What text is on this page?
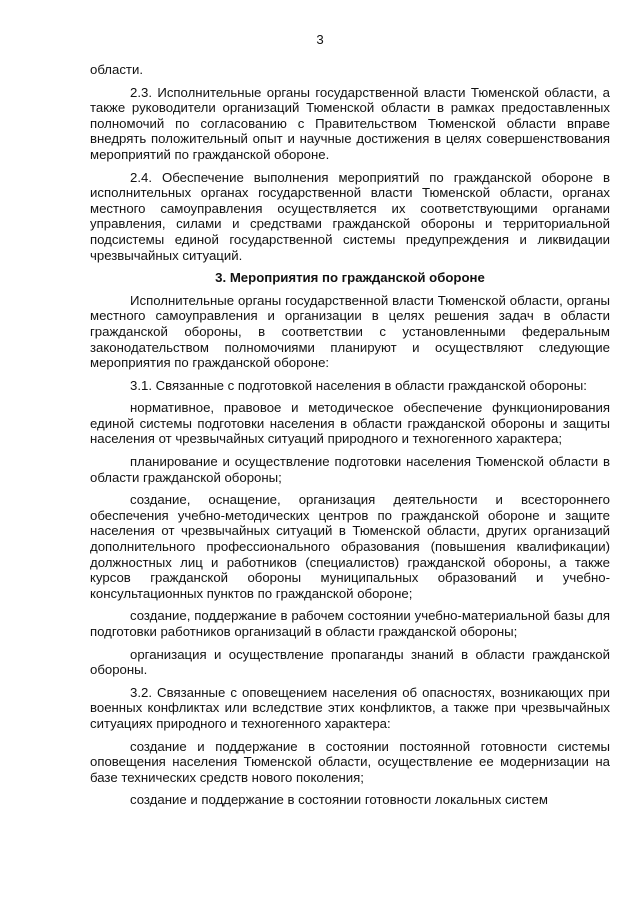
3
области.
2.3. Исполнительные органы государственной власти Тюменской области, а также руководители организаций Тюменской области в рамках предоставленных полномочий по согласованию с Правительством Тюменской области вправе внедрять положительный опыт и научные достижения в целях совершенствования мероприятий по гражданской обороне.
2.4. Обеспечение выполнения мероприятий по гражданской обороне в исполнительных органах государственной власти Тюменской области, органах местного самоуправления осуществляется их соответствующими органами управления, силами и средствами гражданской обороны и территориальной подсистемы единой государственной системы предупреждения и ликвидации чрезвычайных ситуаций.
3. Мероприятия по гражданской обороне
Исполнительные органы государственной власти Тюменской области, органы местного самоуправления и организации в целях решения задач в области гражданской обороны, в соответствии с установленными федеральным законодательством полномочиями планируют и осуществляют следующие мероприятия по гражданской обороне:
3.1. Связанные с подготовкой населения в области гражданской обороны:
нормативное, правовое и методическое обеспечение функционирования единой системы подготовки населения в области гражданской обороны и защиты населения от чрезвычайных ситуаций природного и техногенного характера;
планирование и осуществление подготовки населения Тюменской области в области гражданской обороны;
создание, оснащение, организация деятельности и всестороннего обеспечения учебно-методических центров по гражданской обороне и защите населения от чрезвычайных ситуаций в Тюменской области, других организаций дополнительного профессионального образования (повышения квалификации) должностных лиц и работников (специалистов) гражданской обороны, а также курсов гражданской обороны муниципальных образований и учебно-консультационных пунктов по гражданской обороне;
создание, поддержание в рабочем состоянии учебно-материальной базы для подготовки работников организаций в области гражданской обороны;
организация и осуществление пропаганды знаний в области гражданской обороны.
3.2. Связанные с оповещением населения об опасностях, возникающих при военных конфликтах или вследствие этих конфликтов, а также при чрезвычайных ситуациях природного и техногенного характера:
создание и поддержание в состоянии постоянной готовности системы оповещения населения Тюменской области, осуществление ее модернизации на базе технических средств нового поколения;
создание и поддержание в состоянии готовности локальных систем
